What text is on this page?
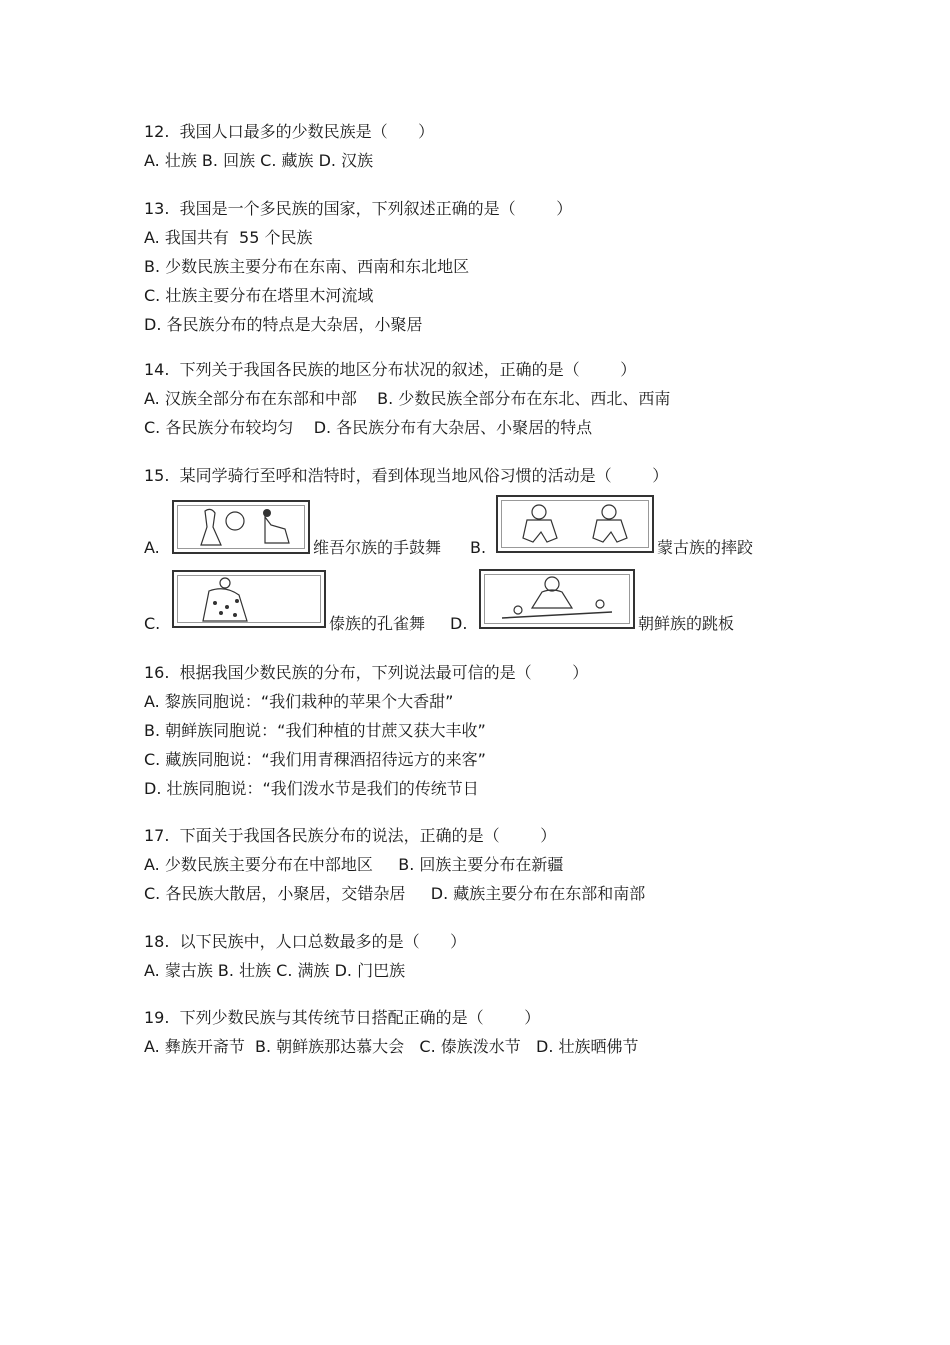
12.  我国人口最多的少数民族是（      ）
A. 壮族 B. 回族 C. 藏族 D. 汉族
13.  我国是一个多民族的国家，下列叙述正确的是（        ）
A. 我国共有  55 个民族
B. 少数民族主要分布在东南、西南和东北地区
C. 壮族主要分布在塔里木河流域
D. 各民族分布的特点是大杂居，小聚居
14.  下列关于我国各民族的地区分布状况的叙述，正确的是（        ）
A. 汉族全部分布在东部和中部    B. 少数民族全部分布在东北、西北、西南
C. 各民族分布较均匀    D. 各民族分布有大杂居、小聚居的特点
15.  某同学骑行至呼和浩特时，看到体现当地风俗习惯的活动是（        ）
A.	维吾尔族的手鼓舞 B.	蒙古族的摔跤
C.	傣族的孔雀舞 D.	朝鲜族的跳板
16.  根据我国少数民族的分布，下列说法最可信的是（        ）
A. 黎族同胞说：“我们栽种的苹果个大香甜”
B. 朝鲜族同胞说：“我们种植的甘蔗又获大丰收”
C. 藏族同胞说：“我们用青稞酒招待远方的来客”
D. 壮族同胞说：“我们泼水节是我们的传统节日
17.  下面关于我国各民族分布的说法，正确的是（        ）
A. 少数民族主要分布在中部地区     B. 回族主要分布在新疆
C. 各民族大散居，小聚居，交错杂居     D. 藏族主要分布在东部和南部
18.  以下民族中，人口总数最多的是（      ）
A. 蒙古族 B. 壮族 C. 满族 D. 门巴族
19.  下列少数民族与其传统节日搭配正确的是（        ）
A. 彝族开斋节  B. 朝鲜族那达慕大会   C. 傣族泼水节   D. 壮族晒佛节
